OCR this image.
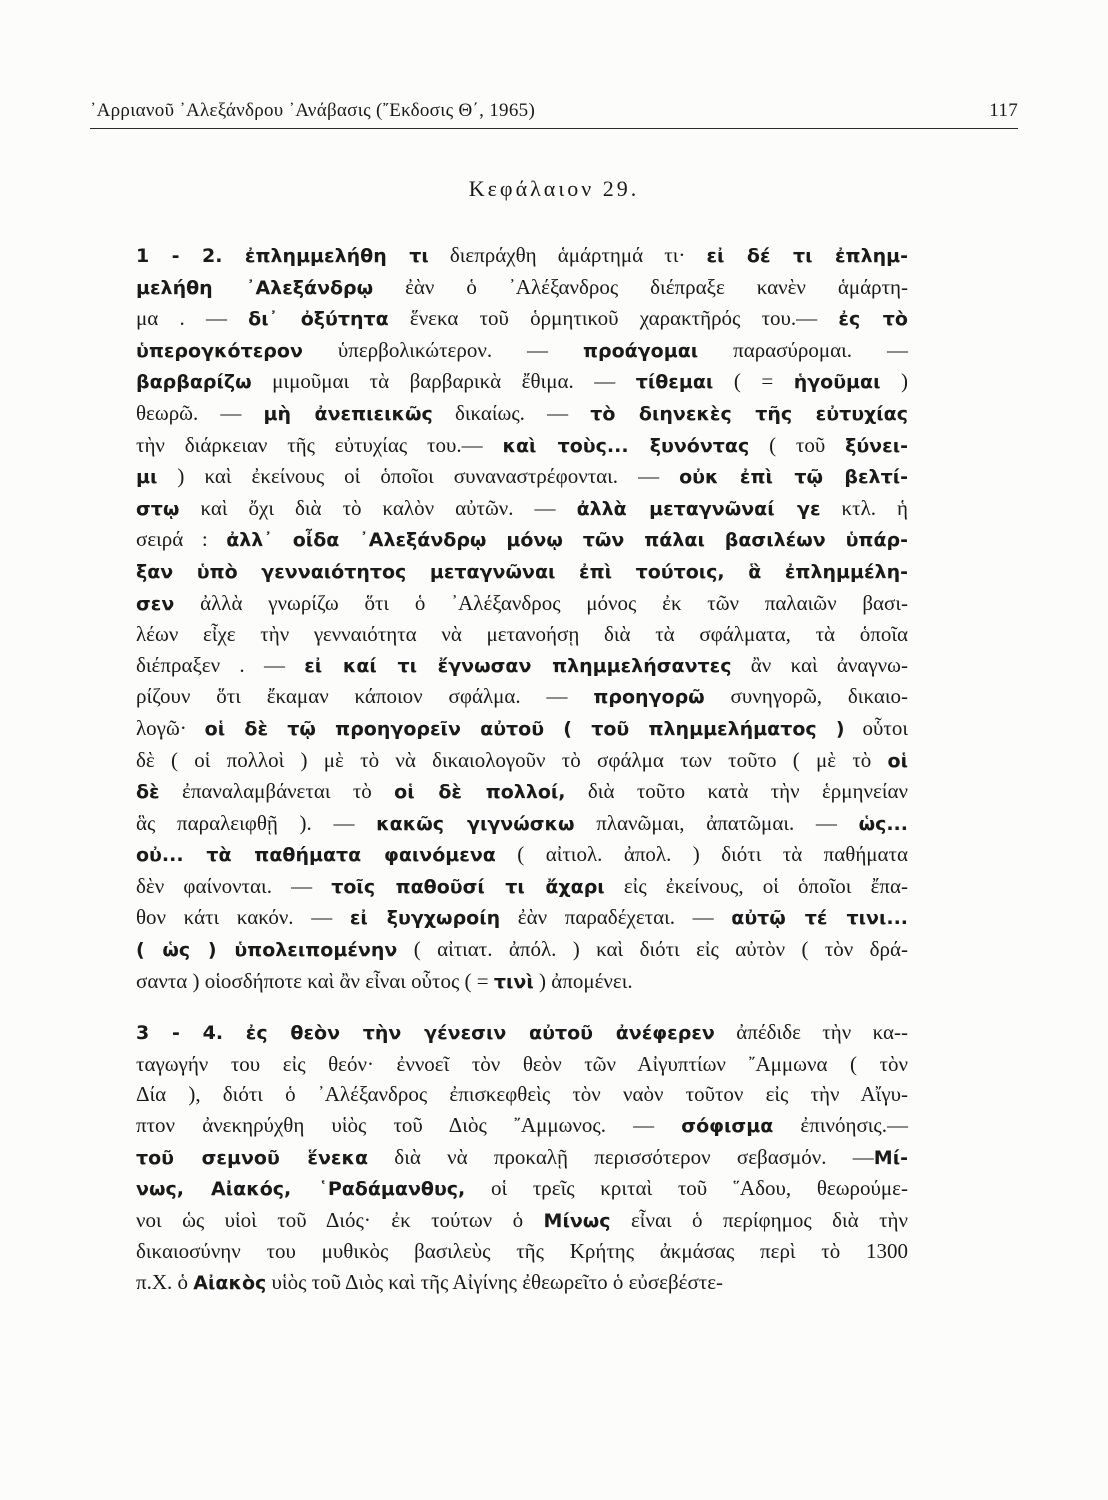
᾽Αρριανοῦ ᾽Αλεξάνδρου ᾽Ανάβασις (῎Εκδοσις Θ΄, 1965)	117
Κεφάλαιον 29.

1 - 2. ἐπλημμελήθη τι διεπράχθη ἁμάρτημά τι· εἰ δέ τι ἐπλημ-
μελήθη ᾽Αλεξάνδρῳ ἐὰν ὁ ᾽Αλέξανδρος διέπραξε κανὲν ἁμάρτη-
μα . — δι᾽ ὀξύτητα ἕνεκα τοῦ ὁρμητικοῦ χαρακτῆρός του.— ἐς τὸ
ὑπερογκότερον ὑπερβολικώτερον. — προάγομαι παρασύρομαι. —
βαρβαρίζω μιμοῦμαι τὰ βαρβαρικὰ ἔθιμα. — τίθεμαι ( = ἡγοῦμαι )
θεωρῶ. — μὴ ἀνεπιεικῶς δικαίως. — τὸ διηνεκὲς τῆς εὐτυχίας
τὴν διάρκειαν τῆς εὐτυχίας του.— καὶ τοὺς... ξυνόντας ( τοῦ ξύνει-
μι ) καὶ ἐκείνους οἱ ὁποῖοι συναναστρέφονται. — οὐκ ἐπὶ τῷ βελτί-
στῳ καὶ ὄχι διὰ τὸ καλὸν αὐτῶν. — ἀλλὰ μεταγνῶναί γε κτλ. ἡ
σειρά : ἀλλ᾽ οἶδα ᾽Αλεξάνδρῳ μόνῳ τῶν πάλαι βασιλέων ὑπάρ-
ξαν ὑπὸ γενναιότητος μεταγνῶναι ἐπὶ τούτοις, ἃ ἐπλημμέλη-
σεν ἀλλὰ γνωρίζω ὅτι ὁ ᾽Αλέξανδρος μόνος ἐκ τῶν παλαιῶν βασι-
λέων εἶχε τὴν γενναιότητα νὰ μετανοήσῃ διὰ τὰ σφάλματα, τὰ ὁποῖα
διέπραξεν . — εἰ καί τι ἔγνωσαν πλημμελήσαντες ἂν καὶ ἀναγνω-
ρίζουν ὅτι ἔκαμαν κάποιον σφάλμα. — προηγορῶ συνηγορῶ, δικαιο-
λογῶ· οἱ δὲ τῷ προηγορεῖν αὐτοῦ ( τοῦ πλημμελήματος ) οὗτοι
δὲ ( οἱ πολλοὶ ) μὲ τὸ νὰ δικαιολογοῦν τὸ σφάλμα των τοῦτο ( μὲ τὸ οἱ
δὲ ἐπαναλαμβάνεται τὸ οἱ δὲ πολλοί, διὰ τοῦτο κατὰ τὴν ἑρμηνείαν
ἃς παραλειφθῇ ). — κακῶς γιγνώσκω πλανῶμαι, ἀπατῶμαι. — ὡς...
οὐ... τὰ παθήματα φαινόμενα ( αἰτιολ. ἀπολ. ) διότι τὰ παθήματα
δὲν φαίνονται. — τοῖς παθοῦσί τι ἄχαρι εἰς ἐκείνους, οἱ ὁποῖοι ἔπα-
θον κάτι κακόν. — εἰ ξυγχωροίη ἐὰν παραδέχεται. — αὐτῷ τέ τινι...
( ὡς ) ὑπολειπομένην ( αἰτιατ. ἀπόλ. ) καὶ διότι εἰς αὐτὸν ( τὸν δρά-
σαντα ) οἱοσδήποτε καὶ ἂν εἶναι οὗτος ( = τινὶ ) ἀπομένει.

3 - 4. ἐς θεὸν τὴν γένεσιν αὐτοῦ ἀνέφερεν ἀπέδιδε τὴν κα--
ταγωγήν του εἰς θεόν· ἐννοεῖ τὸν θεὸν τῶν Αἰγυπτίων ῎Αμμωνα ( τὸν
Δία ), διότι ὁ ᾽Αλέξανδρος ἐπισκεφθεὶς τὸν ναὸν τοῦτον εἰς τὴν Αἴγυ-
πτον ἀνεκηρύχθη υἱὸς τοῦ Διὸς ῎Αμμωνος. — σόφισμα ἐπινόησις.—
τοῦ σεμνοῦ ἕνεκα διὰ νὰ προκαλῇ περισσότερον σεβασμόν. —Μί-
νως, Αἰακός, ῾Ραδάμανθυς, οἱ τρεῖς κριταὶ τοῦ ῞Αδου, θεωρούμε-
νοι ὡς υἱοὶ τοῦ Διός· ἐκ τούτων ὁ Μίνως εἶναι ὁ περίφημος διὰ τὴν
δικαιοσύνην του μυθικὸς βασιλεὺς τῆς Κρήτης ἀκμάσας περὶ τὸ 1300
π.Χ. ὁ Αἰακὸς υἱὸς τοῦ Διὸς καὶ τῆς Αἰγίνης ἐθεωρεῖτο ὁ εὐσεβέστε-
